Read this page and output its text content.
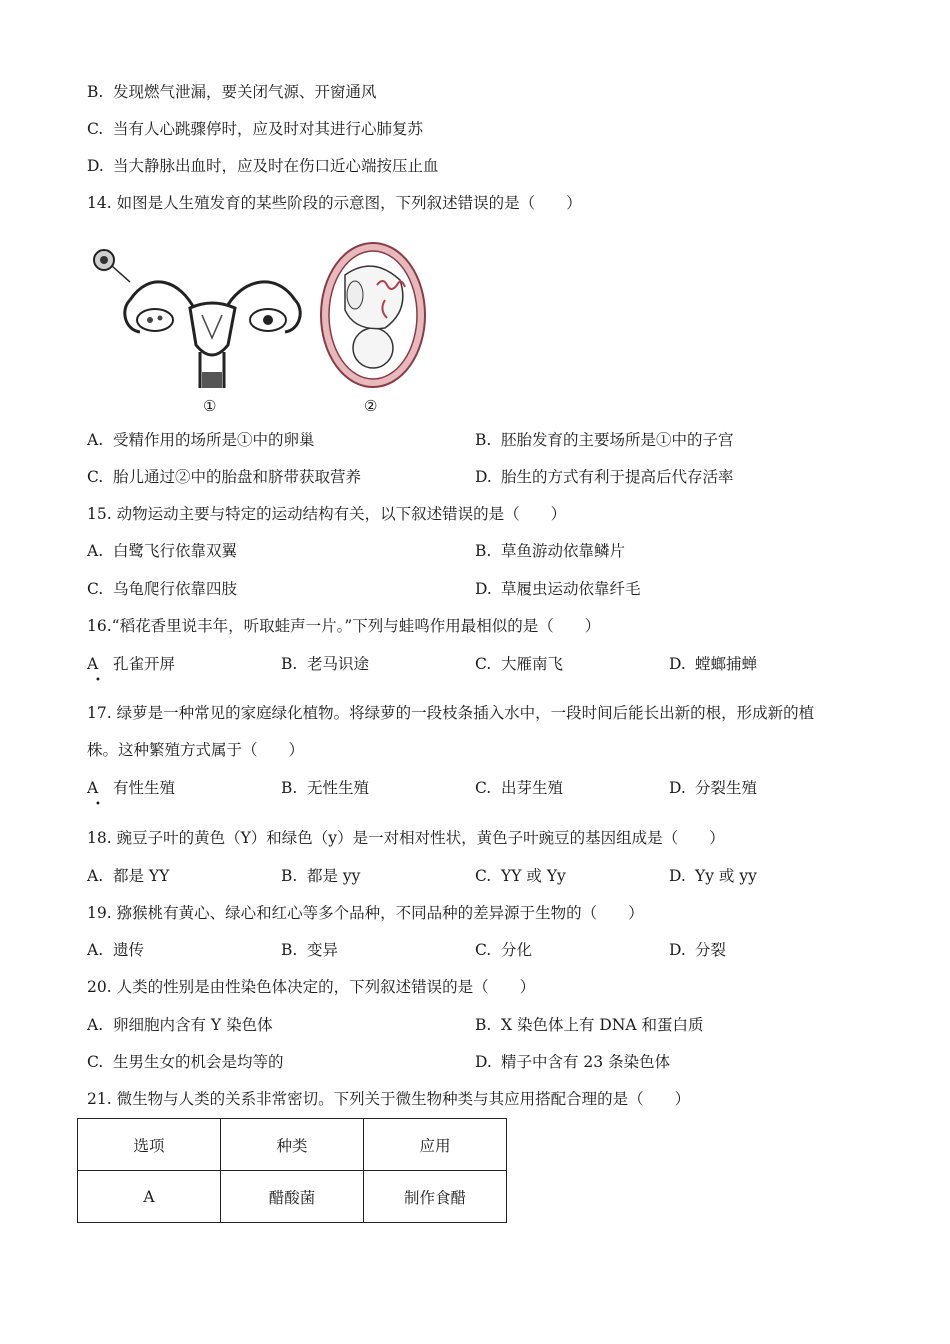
B. 发现燃气泄漏，要关闭气源、开窗通风
C. 当有人心跳骤停时，应及时对其进行心肺复苏
D. 当大静脉出血时，应及时在伤口近心端按压止血
14. 如图是人生殖发育的某些阶段的示意图，下列叙述错误的是（　　）
①	②
A. 受精作用的场所是①中的卵巢	B. 胚胎发育的主要场所是①中的子宫
C. 胎儿通过②中的胎盘和脐带获取营养	D. 胎生的方式有利于提高后代存活率
15. 动物运动主要与特定的运动结构有关，以下叙述错误的是（　　）
A. 白鹭飞行依靠双翼	B. 草鱼游动依靠鳞片
C. 乌龟爬行依靠四肢	D. 草履虫运动依靠纤毛
16.“稻花香里说丰年，听取蛙声一片。”下列与蛙鸣作用最相似的是（　　）
A 孔雀开屏
•
B. 老马识途	C. 大雁南飞	D. 螳螂捕蝉
17. 绿萝是一种常见的家庭绿化植物。将绿萝的一段枝条插入水中，一段时间后能长出新的根，形成新的植
株。这种繁殖方式属于（　　）
A 有性生殖
•
B. 无性生殖	C. 出芽生殖	D. 分裂生殖
18. 豌豆子叶的黄色（Y）和绿色（y）是一对相对性状，黄色子叶豌豆的基因组成是（　　）
A. 都是 YY	B. 都是 yy	C. YY 或 Yy	D. Yy 或 yy
19. 猕猴桃有黄心、绿心和红心等多个品种，不同品种的差异源于生物的（　　）
A. 遗传	B. 变异	C. 分化	D. 分裂
20. 人类的性别是由性染色体决定的，下列叙述错误的是（　　）
A. 卵细胞内含有 Y 染色体	B. X 染色体上有 DNA 和蛋白质
C. 生男生女的机会是均等的	D. 精子中含有 23 条染色体
21. 微生物与人类的关系非常密切。下列关于微生物种类与其应用搭配合理的是（　　）
选项	种类	应用
A	醋酸菌	制作食醋
